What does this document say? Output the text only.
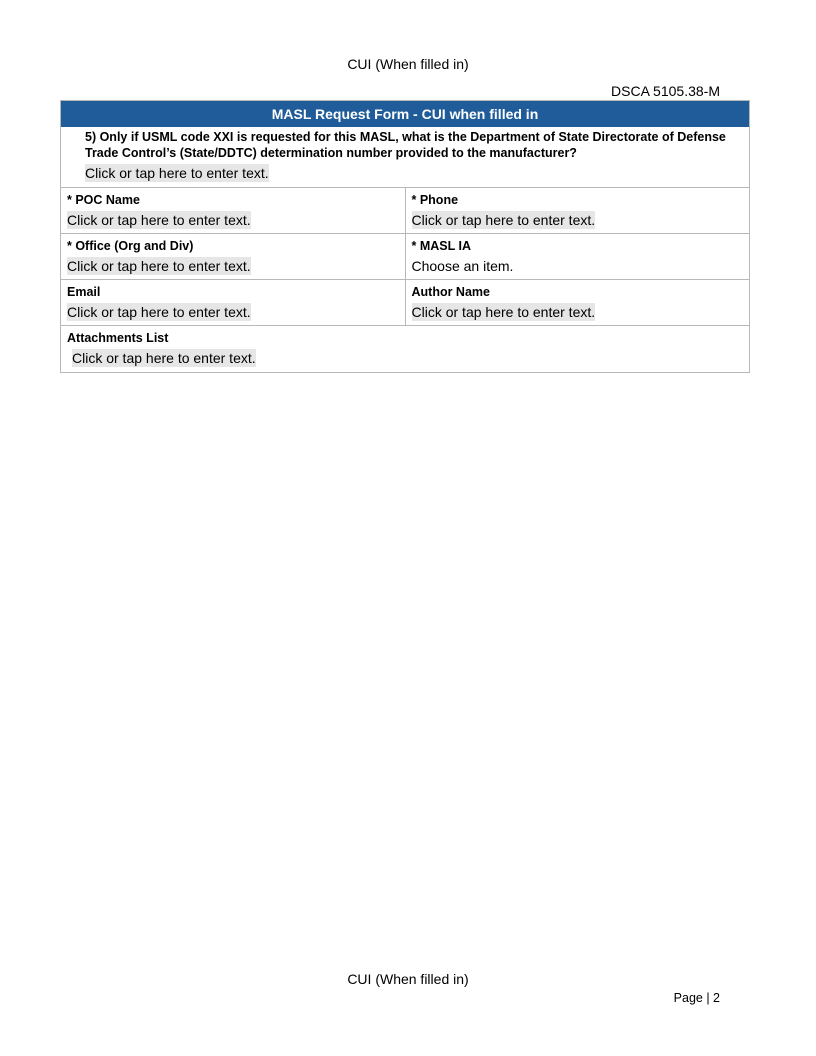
CUI (When filled in)
DSCA 5105.38-M
MASL Request Form - CUI when filled in
5) Only if USML code XXI is requested for this MASL, what is the Department of State Directorate of Defense Trade Control’s (State/DDTC) determination number provided to the manufacturer?
Click or tap here to enter text.
* POC Name
Click or tap here to enter text.
* Phone
Click or tap here to enter text.
* Office (Org and Div)
Click or tap here to enter text.
* MASL IA
Choose an item.
Email
Click or tap here to enter text.
Author Name
Click or tap here to enter text.
Attachments List
Click or tap here to enter text.
CUI (When filled in)
Page | 2
